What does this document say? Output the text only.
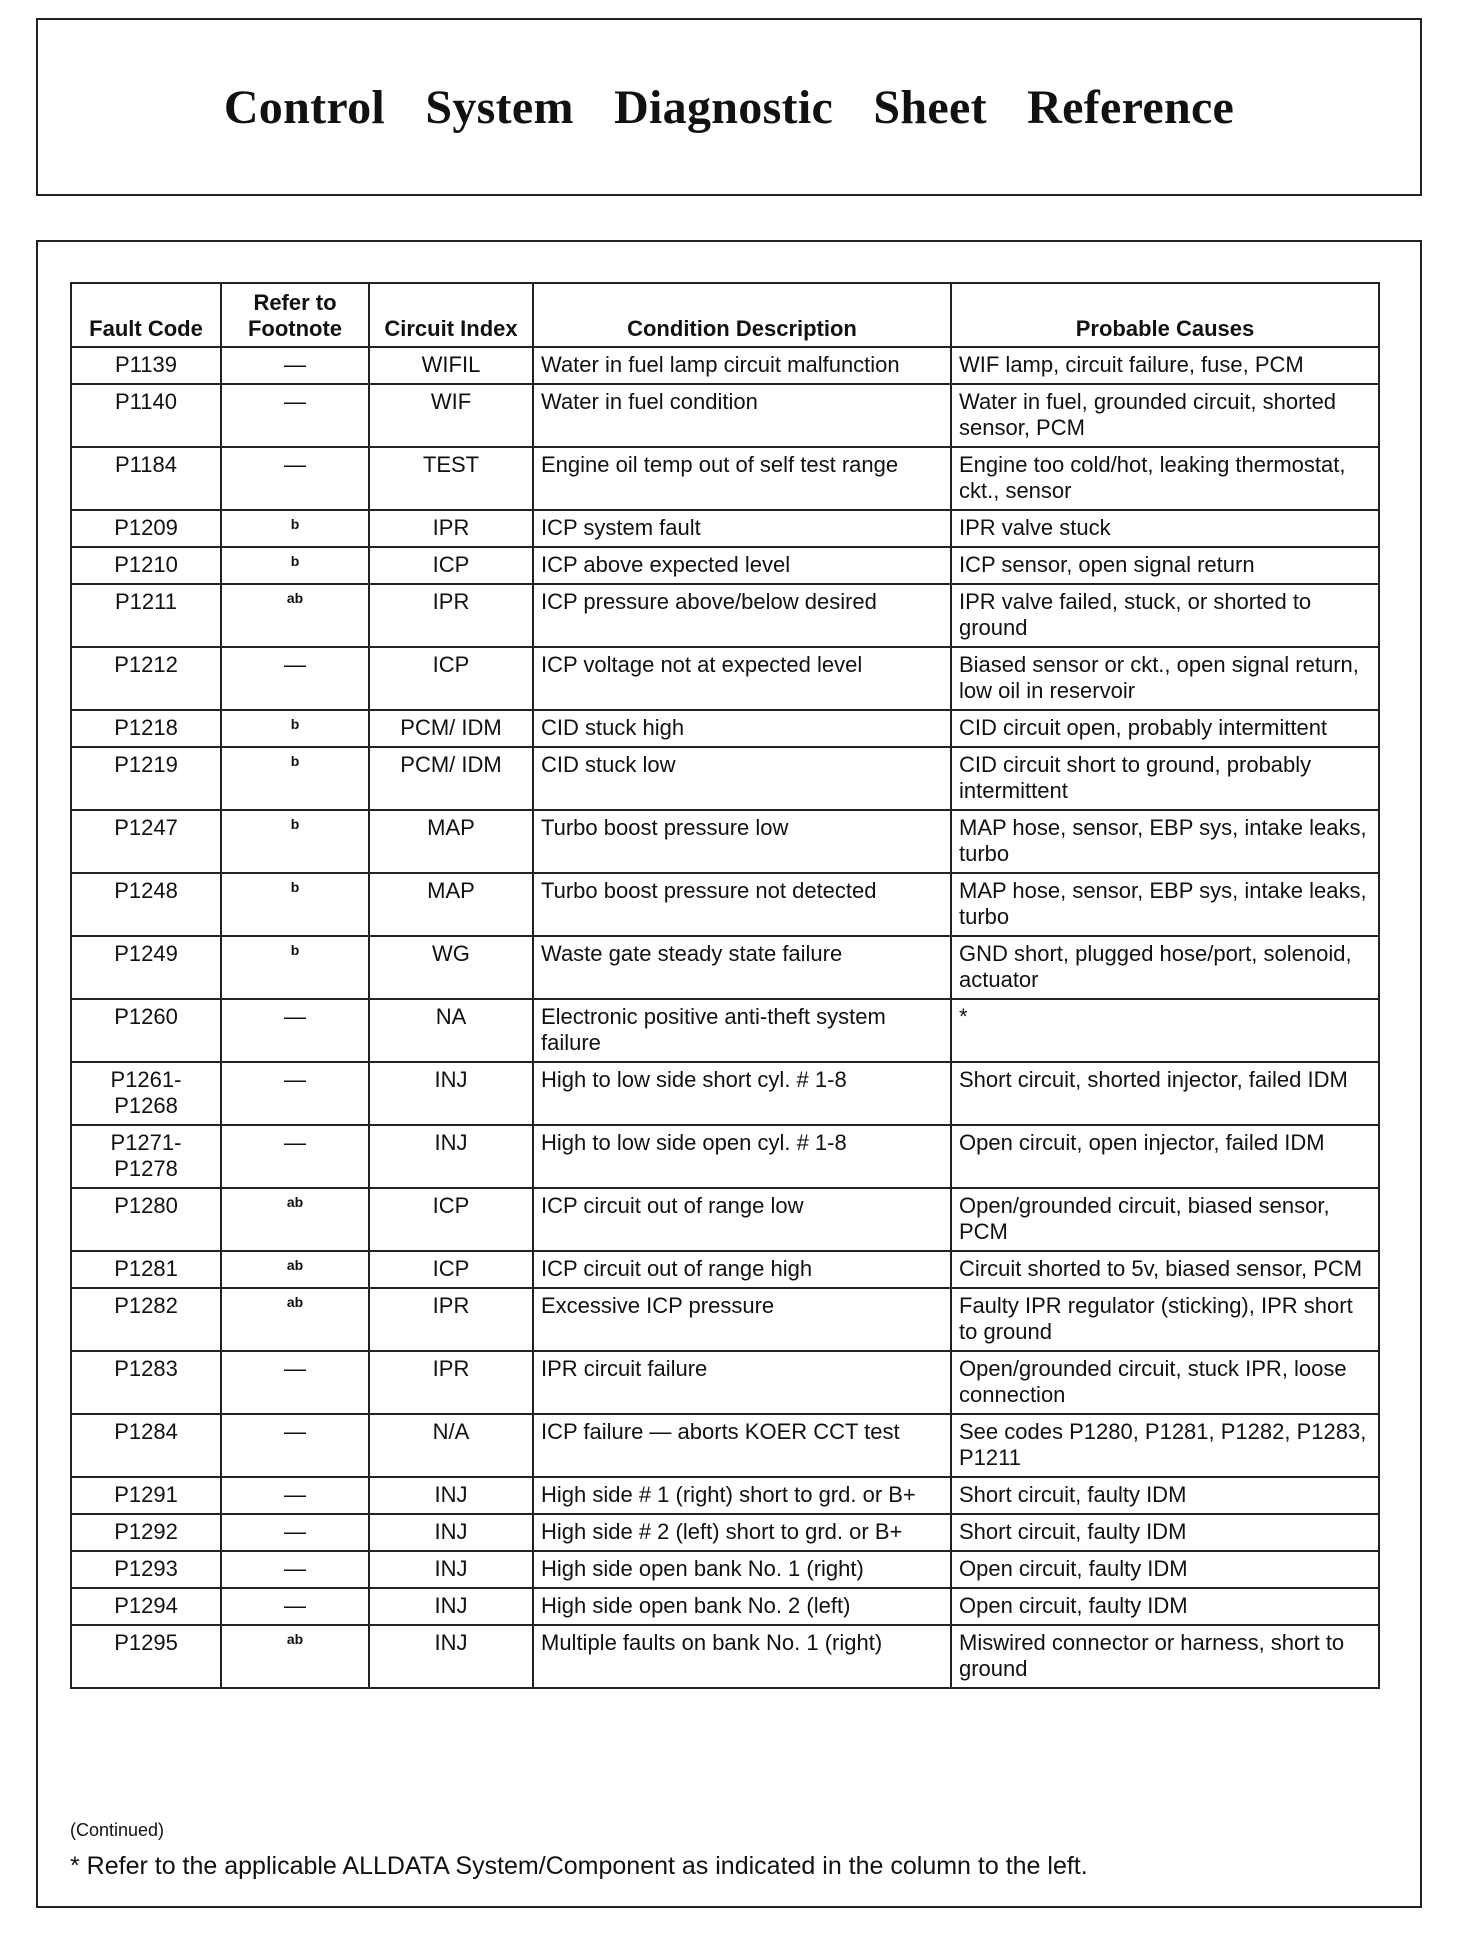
Control System Diagnostic Sheet Reference
Fault Code	Refer to Footnote	Circuit Index	Condition Description	Probable Causes
P1139	—	WIFIL	Water in fuel lamp circuit malfunction	WIF lamp, circuit failure, fuse, PCM
P1140	—	WIF	Water in fuel condition	Water in fuel, grounded circuit, shorted sensor, PCM
P1184	—	TEST	Engine oil temp out of self test range	Engine too cold/hot, leaking thermostat, ckt., sensor
P1209	b	IPR	ICP system fault	IPR valve stuck
P1210	b	ICP	ICP above expected level	ICP sensor, open signal return
P1211	ab	IPR	ICP pressure above/below desired	IPR valve failed, stuck, or shorted to ground
P1212	—	ICP	ICP voltage not at expected level	Biased sensor or ckt., open signal return, low oil in reservoir
P1218	b	PCM/ IDM	CID stuck high	CID circuit open, probably intermittent
P1219	b	PCM/ IDM	CID stuck low	CID circuit short to ground, probably intermittent
P1247	b	MAP	Turbo boost pressure low	MAP hose, sensor, EBP sys, intake leaks, turbo
P1248	b	MAP	Turbo boost pressure not detected	MAP hose, sensor, EBP sys, intake leaks, turbo
P1249	b	WG	Waste gate steady state failure	GND short, plugged hose/port, solenoid, actuator
P1260	—	NA	Electronic positive anti-theft system failure	*
P1261- P1268	—	INJ	High to low side short cyl. # 1-8	Short circuit, shorted injector, failed IDM
P1271- P1278	—	INJ	High to low side open cyl. # 1-8	Open circuit, open injector, failed IDM
P1280	ab	ICP	ICP circuit out of range low	Open/grounded circuit, biased sensor, PCM
P1281	ab	ICP	ICP circuit out of range high	Circuit shorted to 5v, biased sensor, PCM
P1282	ab	IPR	Excessive ICP pressure	Faulty IPR regulator (sticking), IPR short to ground
P1283	—	IPR	IPR circuit failure	Open/grounded circuit, stuck IPR, loose connection
P1284	—	N/A	ICP failure — aborts KOER CCT test	See codes P1280, P1281, P1282, P1283, P1211
P1291	—	INJ	High side # 1 (right) short to grd. or B+	Short circuit, faulty IDM
P1292	—	INJ	High side # 2 (left) short to grd. or B+	Short circuit, faulty IDM
P1293	—	INJ	High side open bank No. 1 (right)	Open circuit, faulty IDM
P1294	—	INJ	High side open bank No. 2 (left)	Open circuit, faulty IDM
P1295	ab	INJ	Multiple faults on bank No. 1 (right)	Miswired connector or harness, short to ground
(Continued)
* Refer to the applicable ALLDATA System/Component as indicated in the column to the left.
